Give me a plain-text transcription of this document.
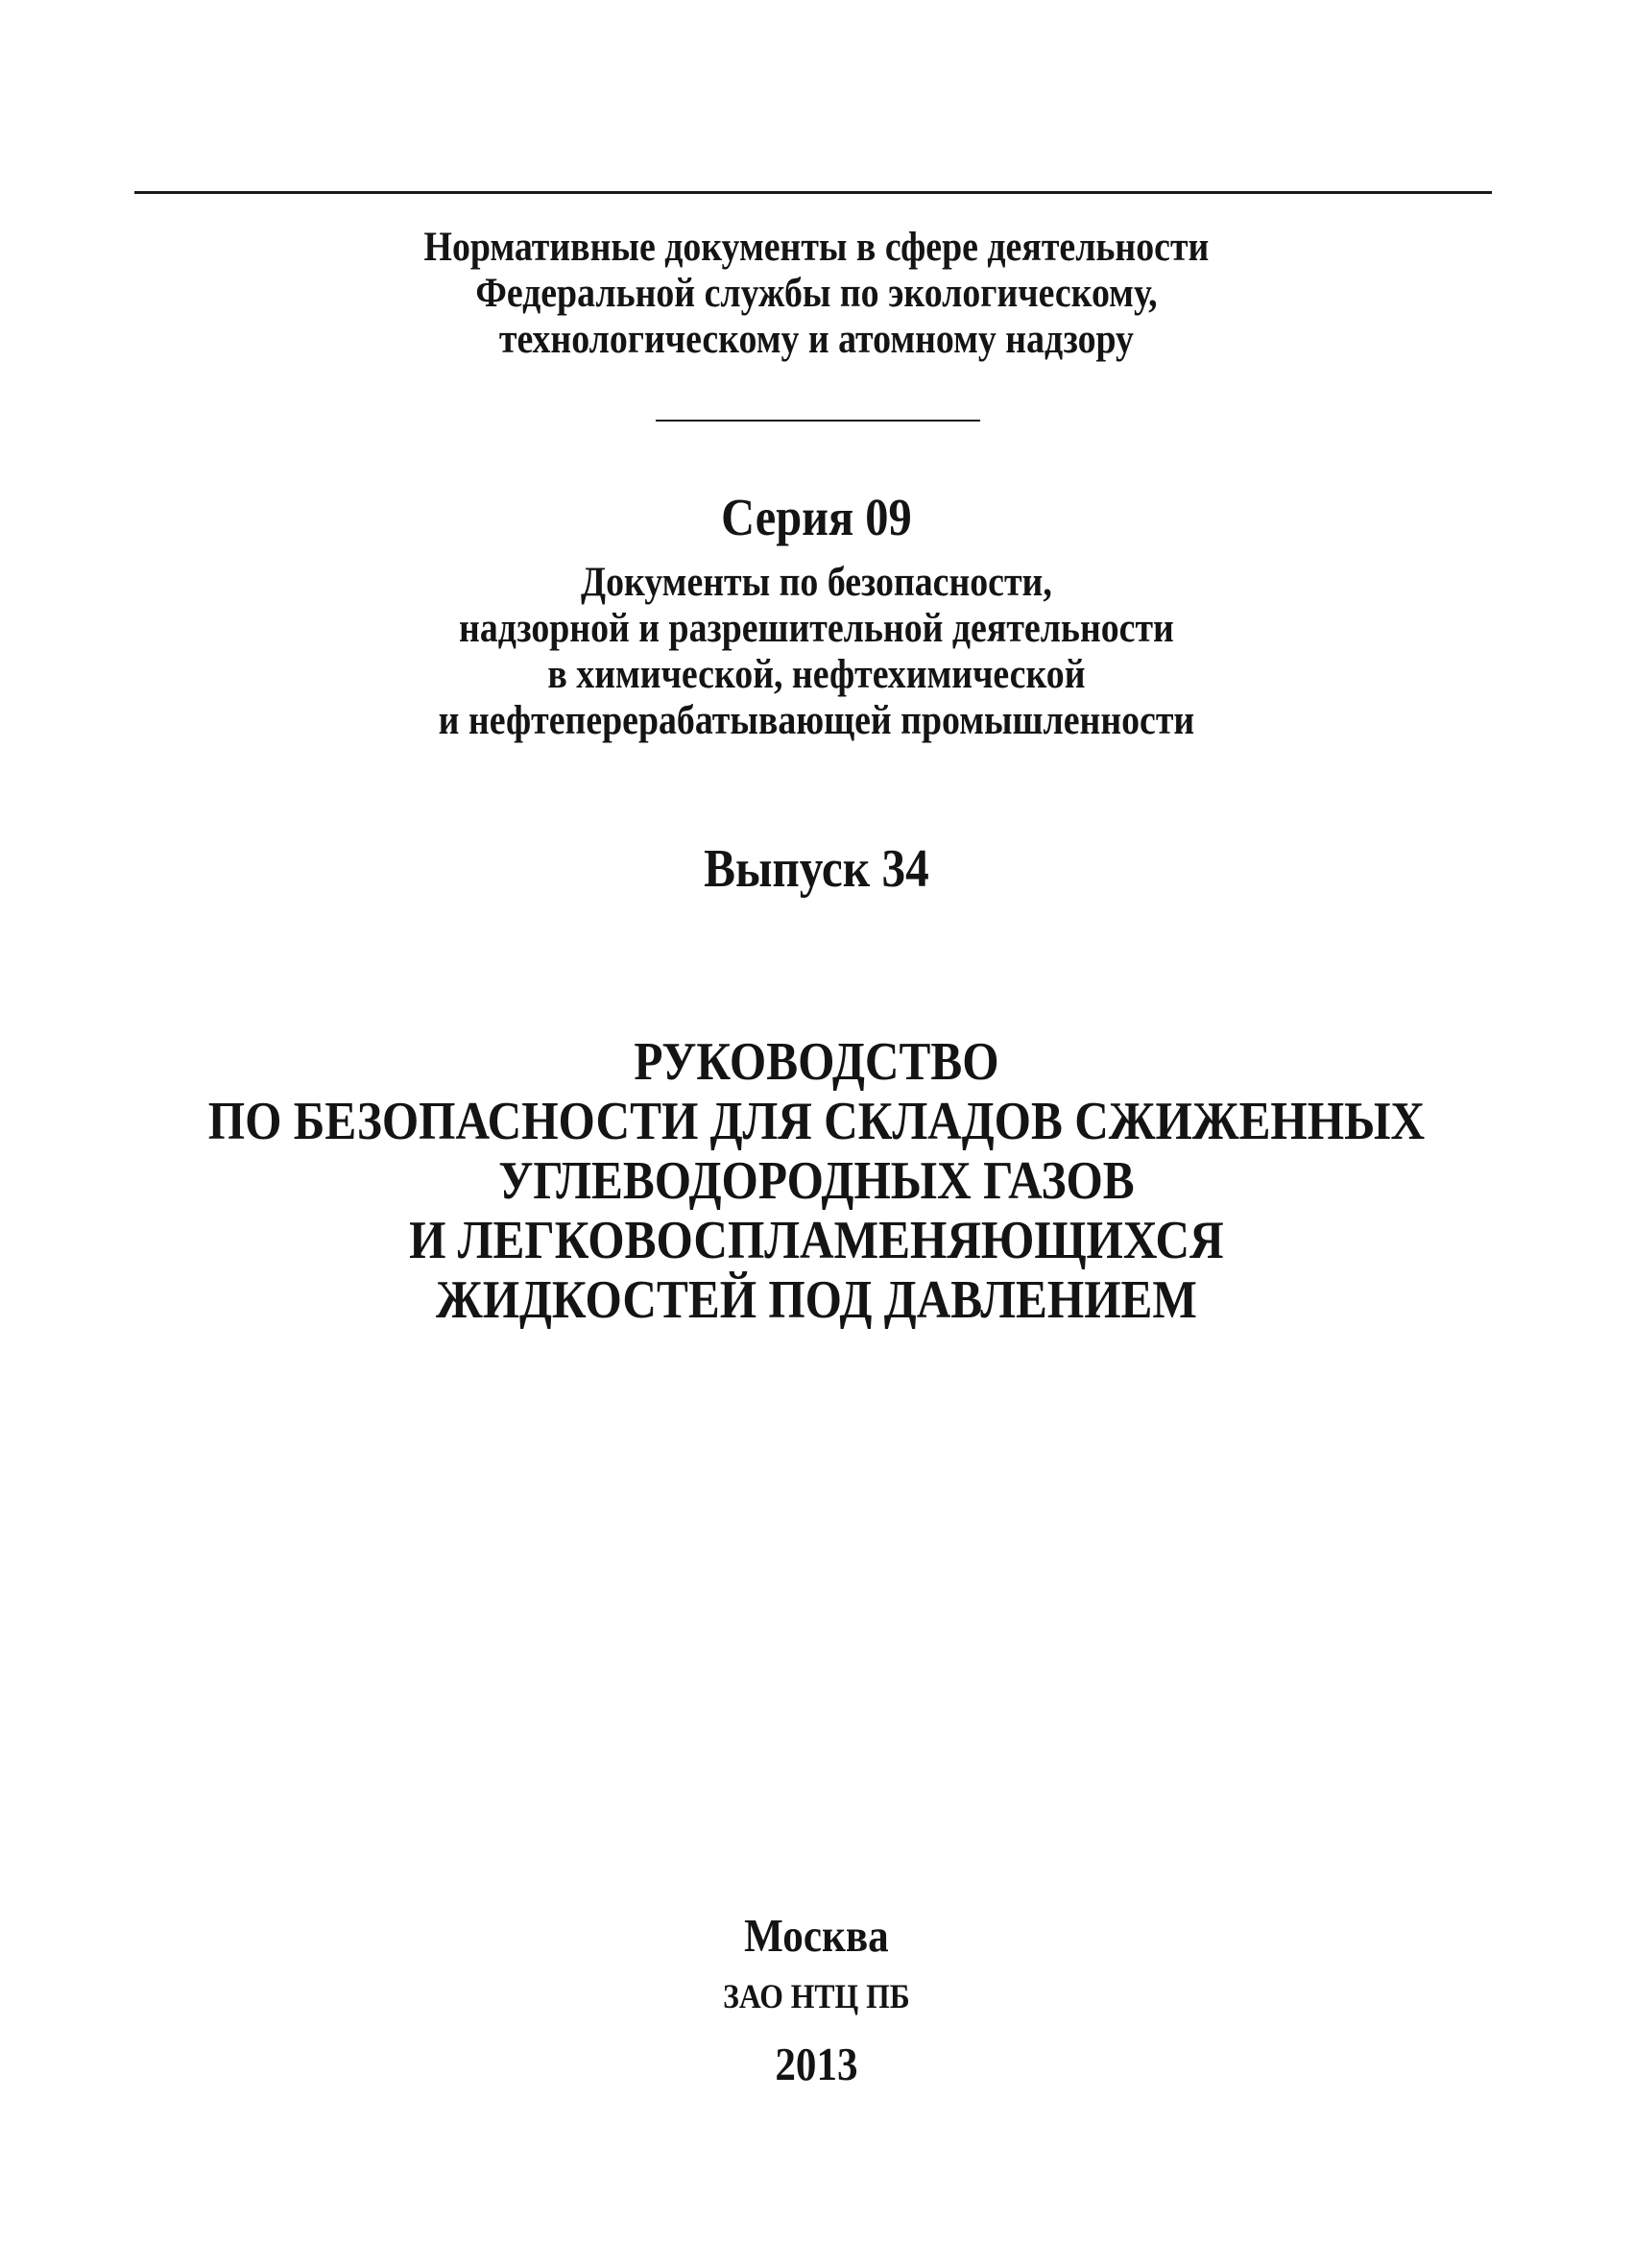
Нормативные документы в сфере деятельности
Федеральной службы по экологическому,
технологическому и атомному надзору
Серия 09
Документы по безопасности,
надзорной и разрешительной деятельности
в химической, нефтехимической
и нефтеперерабатывающей промышленности
Выпуск 34
РУКОВОДСТВО
ПО БЕЗОПАСНОСТИ ДЛЯ СКЛАДОВ СЖИЖЕННЫХ
УГЛЕВОДОРОДНЫХ ГАЗОВ
И ЛЕГКОВОСПЛАМЕНЯЮЩИХСЯ
ЖИДКОСТЕЙ ПОД ДАВЛЕНИЕМ
Москва
ЗАО НТЦ ПБ
2013
